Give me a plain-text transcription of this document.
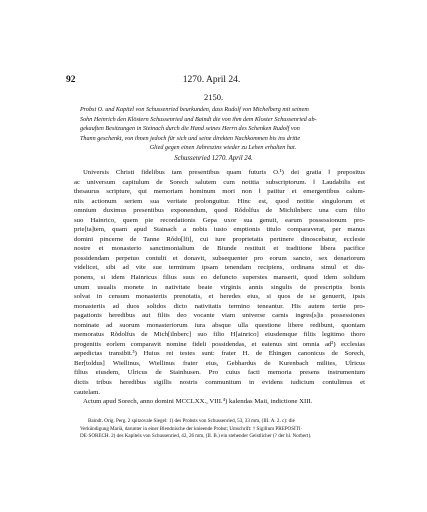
92	1270. April 24.
2150.
Probst O. und Kapitel von Schussenried beurkunden, dass Rudolf von Michelberg mit seinem
Sohn Heinrich den Klöstern Schussenried und Baindt die von ihm dem Kloster Schussenried ab-
gekauften Besitzungen in Steinach durch die Hand seines Herrn des Schenken Rudolf von
Thann geschenkt, von ihnen jedoch für sich und seine direkten Nachkommen bis ins dritte
Glied gegen einen Jahreszins wieder zu Lehen erhalten hat.
Schussenried 1270. April 24.
Universis Christi fidelibus tam presentibus quam futuris O.¹) dei gratia ‖ prepositus
ac universum capitulum de Sorech salutem cum notitia subscriptorum. ‖ Laudabilis est
thesaurus scripture, qui memoriam hominum mori non ‖ patitur et emergentibus calum-
niis actionum seriem sua veritate prolonguitur. Hinc est, quod notitie singulorum et
omnium duximus presentibus exponendum, quod Rǒdolfus de Michilnberc una cum filio
suo Hainrico, quem pie recordationis Gepa uxor sua genuit, earum possessionum pro-
prie[ta]tem, quam apud Stainach a nobis iusto emptionis titulo comparaverat, per manus
domini pincerne de Tanne Rǒdo[lfi], cui iure proprietatis pertinere dinoscebatur, ecclesie
nostre et monasterio sanctimonialium de Biunde restituit et traditione libera pacifice
possidendam perpetuo contulit et donavit, subsequenter pro eorum sancto, sex denariorum
videlicet, sibi ad vite sue terminum ipsam tenendam recipiens, ordinans simul et dis-
ponens, si idem Hainricus filius suus eo defuncto superstes manserit, quod idem solidum
unum usualis monete in nativitate beate virginis annis singulis de prescriptis bonis
solvat in censum monasteriis prenotatis, et heredes eius, si quos de se genuerit, ipsis
monasteriis ad duos solidos dicto nativitatis termino teneantur. His autem tertie pro-
pagationis heredibus aut filiis deo vocante viam universe carnis ingres[s]is possessiones
nominate ad suorum monasteriorum iura absque ulla questione libere redibunt, quoniam
memoratus Rǒdolfus de Mich[ilnberc] suo filio H[ainrico] eiusdemque filiis legitimo thoro
progenitis eorlem comparavit nomine fideli possidendas, et eatenus sint omnia ad²) ecclesias
aepedictas transibit.³) Huius rei testes sunt: frater H. de Ehingen canonicus de Sorech,
Ber[toldus] Wiellinus, Wiellinus frater eius, Gebhardus de Kurenbach milites, Ulricus
filius eiusdem, Ulricus de Stainhusen. Pro cuius facti memoria presens instrumentum
dictis tribus heredibus sigillis nostris communitum in evidens iudicium contulimus et
cautelam.
Actum apud Sorech, anno domini MCCLXX., VIII.⁴) kalendas Maii, indictione XIII.
Baindt. Orig. Perg. 2 spitzovale Siegel: 1) des Probsts von Schussenried, 53, 33 mm, (III. A. 2. c): die
Verkündigung Mariä, darunter in einer Blendnische der knieende Probst; Umschrift: † Sigillum PREPOSITI·
DE·SORECH. 2) des Kapitels von Schussenried, 42, 26 mm, (II. B.) ein stehender Geistlicher (? der hl. Norbert).
